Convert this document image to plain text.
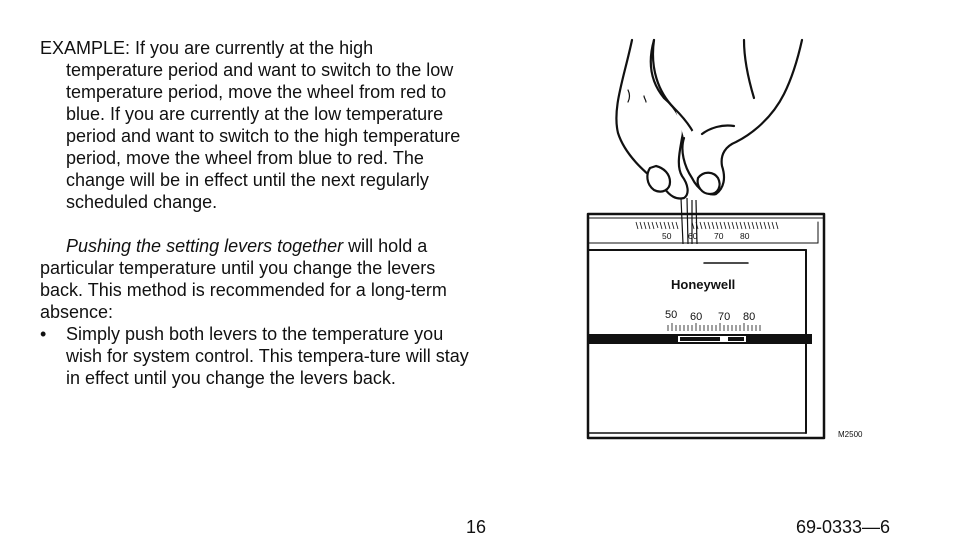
EXAMPLE: If you are currently at the high temperature period and want to switch to the low temperature period, move the wheel from red to blue. If you are currently at the low temperature period and want to switch to the high temperature period, move the wheel from blue to red. The change will be in effect until the next regularly scheduled change.

Pushing the setting levers together will hold a particular temperature until you change the levers back. This method is recommended for a long-term absence:

• Simply push both levers to the temperature you wish for system control. This tempera-ture will stay in effect until you change the levers back.

50 60 70 80
Honeywell
50 60 70 80
M2500
16	69-0333—6
